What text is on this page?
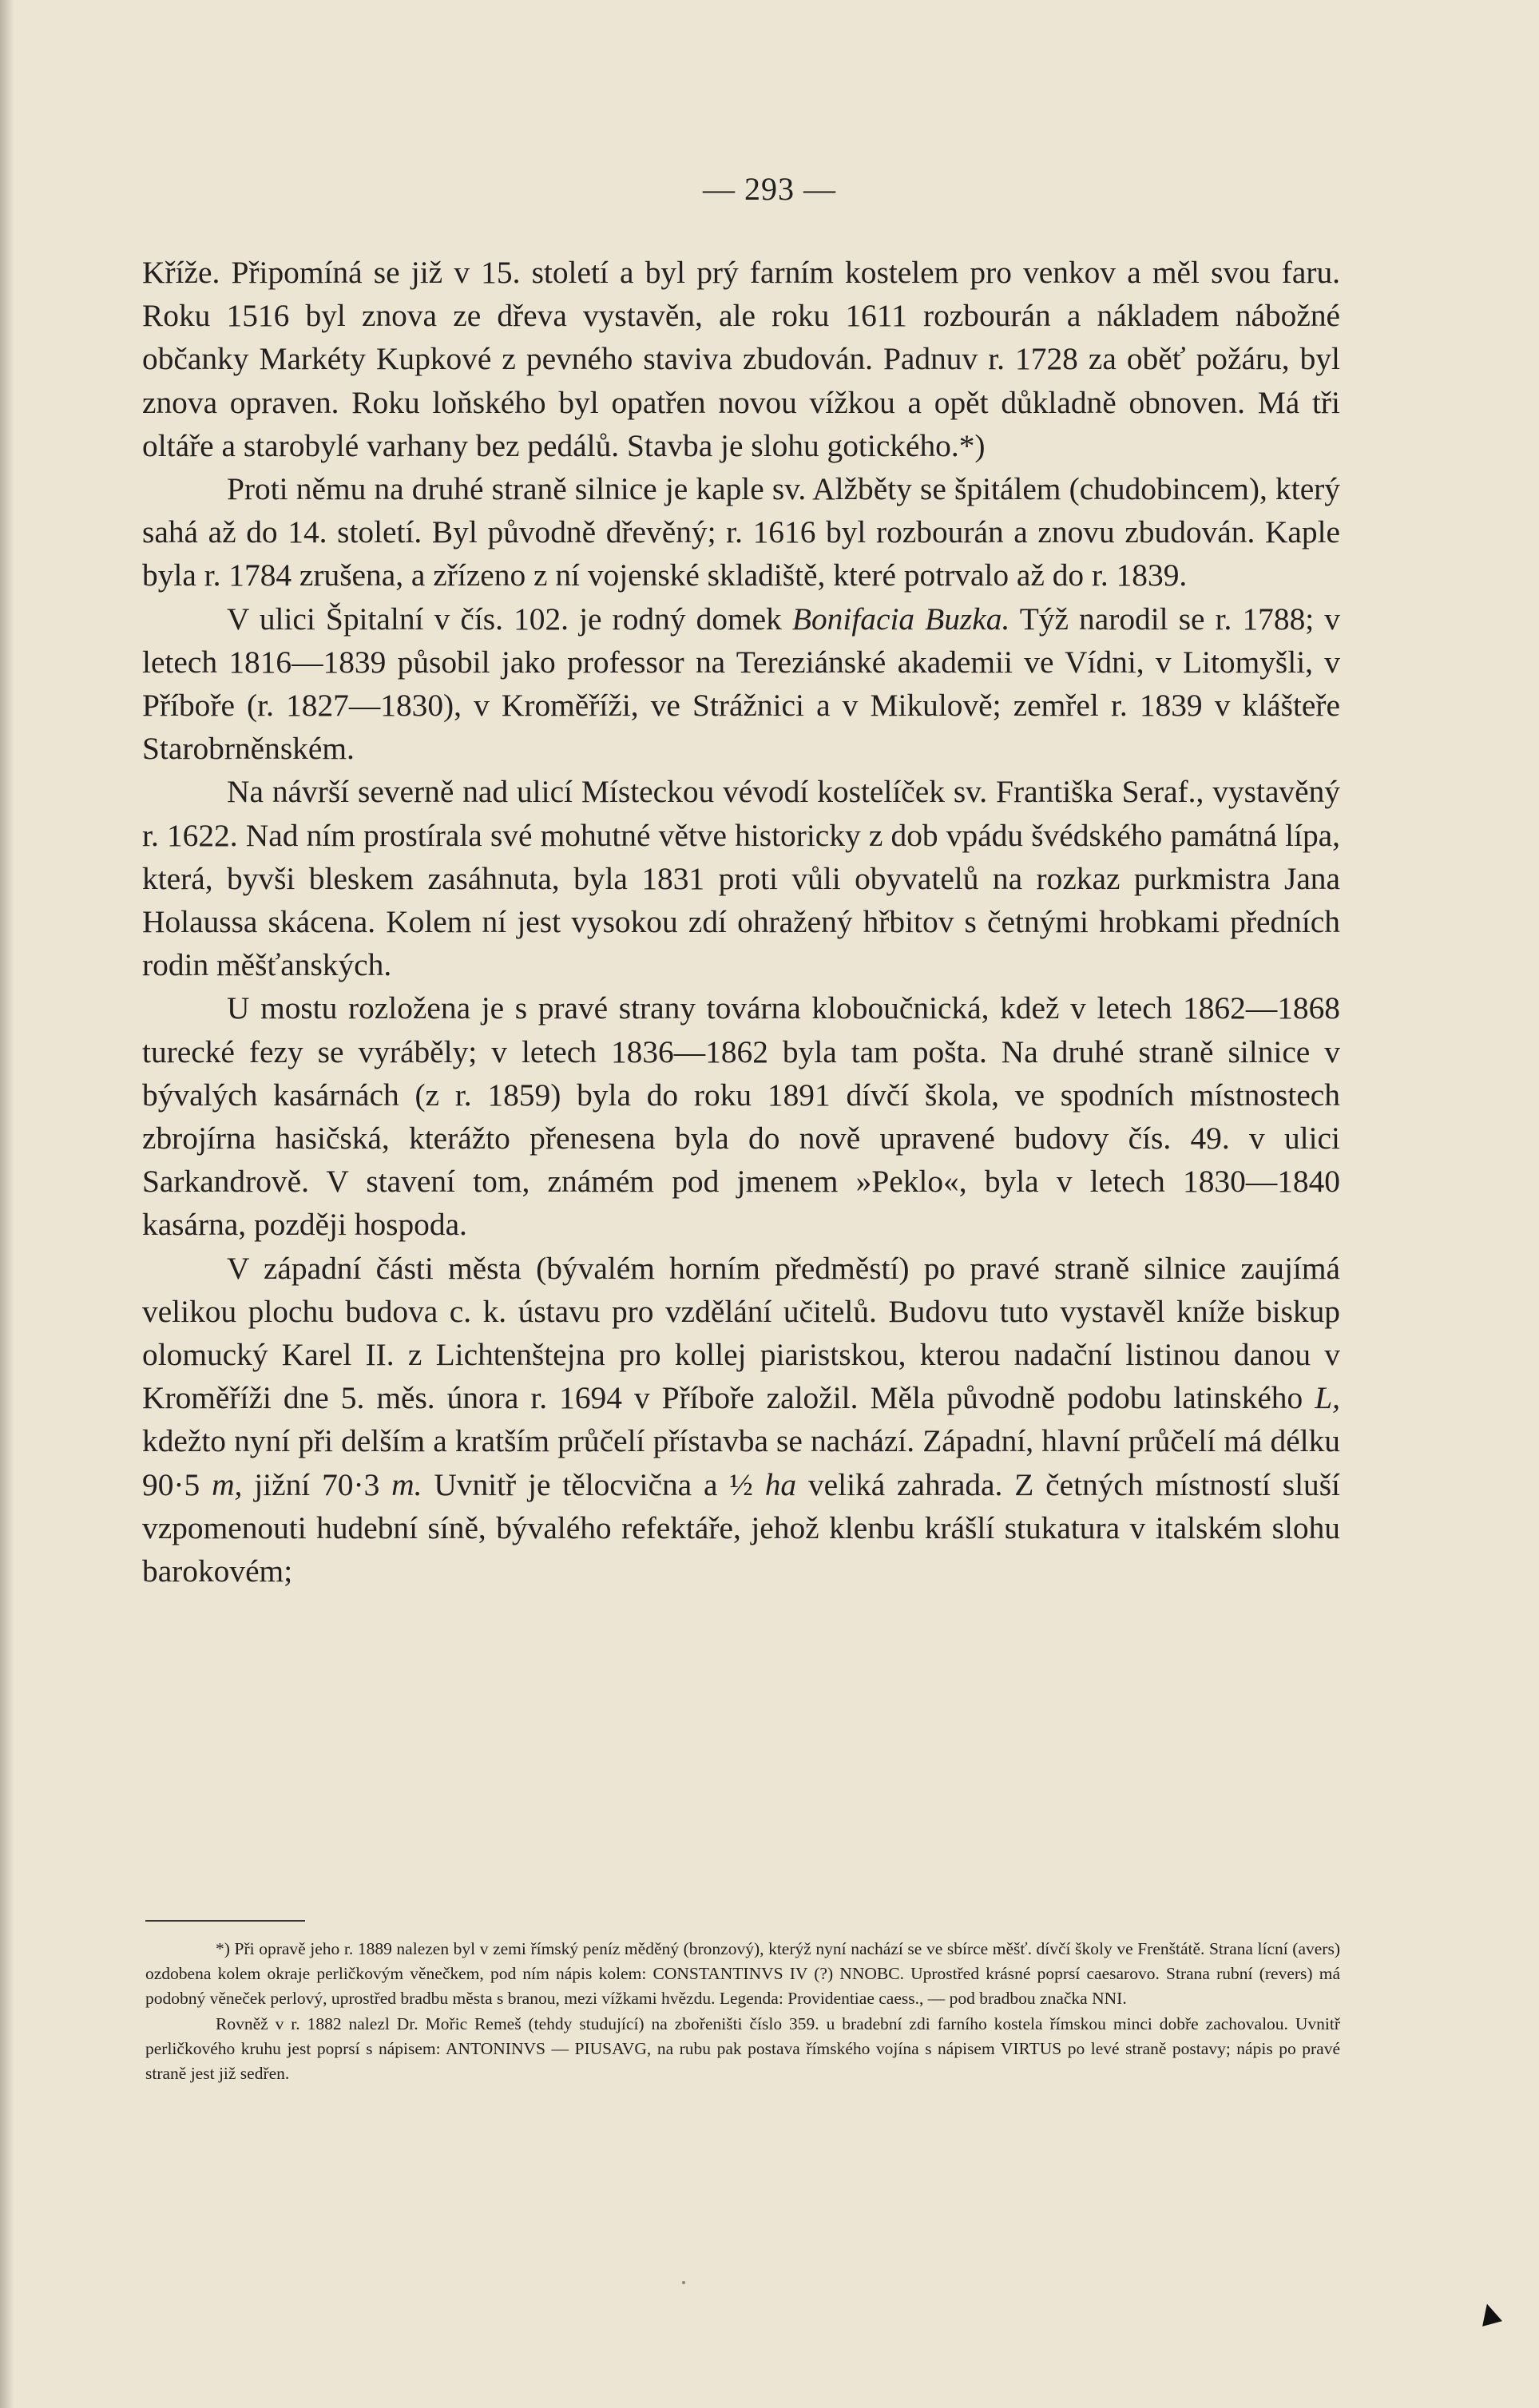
— 293 —

Kříže. Připomíná se již v 15. století a byl prý farním kostelem pro venkov a měl svou faru. Roku 1516 byl znova ze dřeva vystavěn, ale roku 1611 rozbourán a nákladem nábožné občanky Markéty Kupkové z pevného staviva zbudován. Padnuv r. 1728 za oběť požáru, byl znova opraven. Roku loňského byl opatřen novou vížkou a opět důkladně obnoven. Má tři oltáře a starobylé varhany bez pedálů. Stavba je slohu gotického.*)

Proti němu na druhé straně silnice je kaple sv. Alžběty se špitálem (chudobincem), který sahá až do 14. století. Byl původně dřevěný; r. 1616 byl rozbourán a znovu zbudován. Kaple byla r. 1784 zrušena, a zřízeno z ní vojenské skladiště, které potrvalo až do r. 1839.

V ulici Špitalní v čís. 102. je rodný domek Bonifacia Buzka. Týž narodil se r. 1788; v letech 1816—1839 působil jako professor na Tereziánské akademii ve Vídni, v Litomyšli, v Příboře (r. 1827—1830), v Kroměříži, ve Strážnici a v Mikulově; zemřel r. 1839 v klášteře Starobrněnském.

Na návrší severně nad ulicí Místeckou vévodí kostelíček sv. Františka Seraf., vystavěný r. 1622. Nad ním prostírala své mohutné větve historicky z dob vpádu švédského památná lípa, která, byvši bleskem zasáhnuta, byla 1831 proti vůli obyvatelů na rozkaz purkmistra Jana Holaussa skácena. Kolem ní jest vysokou zdí ohražený hřbitov s četnými hrobkami předních rodin měšťanských.

U mostu rozložena je s pravé strany továrna kloboučnická, kdež v letech 1862—1868 turecké fezy se vyráběly; v letech 1836—1862 byla tam pošta. Na druhé straně silnice v bývalých kasárnách (z r. 1859) byla do roku 1891 dívčí škola, ve spodních místnostech zbrojírna hasičská, kterážto přenesena byla do nově upravené budovy čís. 49. v ulici Sarkandrově. V stavení tom, známém pod jmenem »Peklo«, byla v letech 1830—1840 kasárna, později hospoda.

V západní části města (bývalém horním předměstí) po pravé straně silnice zaujímá velikou plochu budova c. k. ústavu pro vzdělání učitelů. Budovu tuto vystavěl kníže biskup olomucký Karel II. z Lichtenštejna pro kollej piaristskou, kterou nadační listinou danou v Kroměříži dne 5. měs. února r. 1694 v Příboře založil. Měla původně podobu latinského L, kdežto nyní při delším a kratším průčelí přístavba se nachází. Západní, hlavní průčelí má délku 90·5 m, jižní 70·3 m. Uvnitř je tělocvična a ½ ha veliká zahrada. Z četných místností sluší vzpomenouti hudební síně, bývalého refektáře, jehož klenbu krášlí stukatura v italském slohu barokovém;

*) Při opravě jeho r. 1889 nalezen byl v zemi římský peníz měděný (bronzový), kterýž nyní nachází se ve sbírce měšť. dívčí školy ve Frenštátě. Strana lícní (avers) ozdobena kolem okraje perličkovým věnečkem, pod ním nápis kolem: CONSTANTINVS IV (?) NNOBC. Uprostřed krásné poprsí caesarovo. Strana rubní (revers) má podobný věneček perlový, uprostřed bradbu města s branou, mezi vížkami hvězdu. Legenda: Providentiae caess., — pod bradbou značka NNI.

Rovněž v r. 1882 nalezl Dr. Mořic Remeš (tehdy studující) na zbořeništi číslo 359. u bradební zdi farního kostela římskou minci dobře zachovalou. Uvnitř perličkového kruhu jest poprsí s nápisem: ANTONINVS — PIUSAVG, na rubu pak postava římského vojína s nápisem VIRTUS po levé straně postavy; nápis po pravé straně jest již sedřen.

▲
